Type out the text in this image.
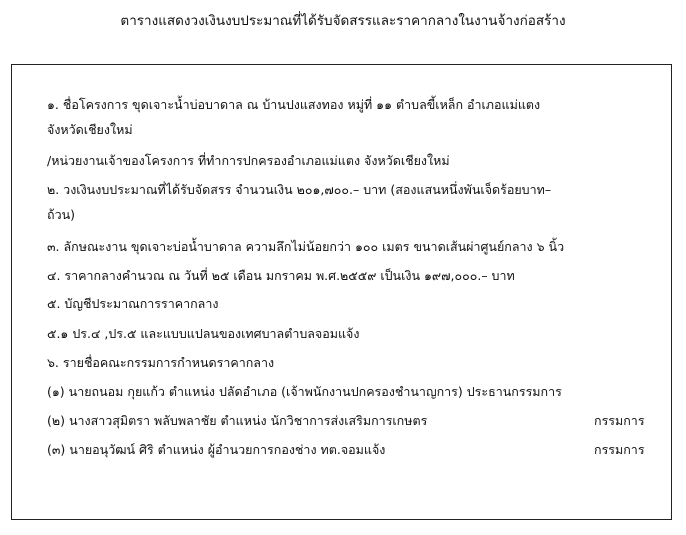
ตารางแสดงวงเงินงบประมาณที่ได้รับจัดสรรและราคากลางในงานจ้างก่อสร้าง
๑. ชื่อโครงการ ขุดเจาะน้ำบ่อบาดาล ณ บ้านปงแสงทอง หมู่ที่ ๑๑ ตำบลขี้เหล็ก อำเภอแม่แตง
จังหวัดเชียงใหม่
/หน่วยงานเจ้าของโครงการ ที่ทำการปกครองอำเภอแม่แตง จังหวัดเชียงใหม่
๒. วงเงินงบประมาณที่ได้รับจัดสรร จำนวนเงิน ๒๐๑,๗๐๐.– บาท (สองแสนหนึ่งพันเจ็ดร้อยบาท–
ถ้วน)
๓. ลักษณะงาน ขุดเจาะบ่อน้ำบาดาล ความลึกไม่น้อยกว่า ๑๐๐ เมตร ขนาดเส้นผ่าศูนย์กลาง ๖ นิ้ว
๔. ราคากลางคำนวณ ณ วันที่ ๒๕ เดือน มกราคม พ.ศ.๒๕๕๙ เป็นเงิน ๑๙๗,๐๐๐.– บาท
๕. บัญชีประมาณการราคากลาง
๕.๑ ปร.๔ ,ปร.๕ และแบบแปลนของเทศบาลตำบลจอมแจ้ง
๖. รายชื่อคณะกรรมการกำหนดราคากลาง
(๑) นายถนอม กุยแก้ว ตำแหน่ง ปลัดอำเภอ (เจ้าพนักงานปกครองชำนาญการ) ประธานกรรมการ
(๒) นางสาวสุมิตรา พลับพลาชัย ตำแหน่ง นักวิชาการส่งเสริมการเกษตร	กรรมการ
(๓) นายอนุวัฒน์ ศิริ ตำแหน่ง ผู้อำนวยการกองช่าง ทต.จอมแจ้ง	กรรมการ
